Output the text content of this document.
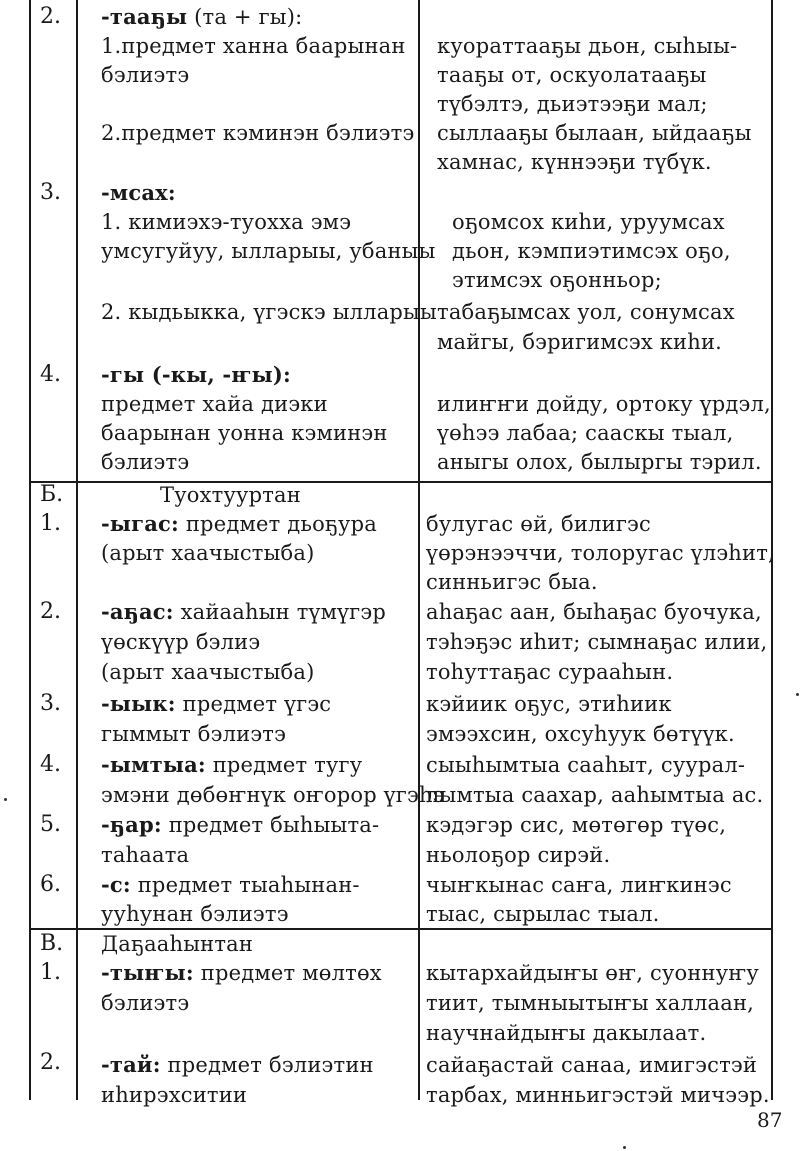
2. -тааҕы (та + гы):
1.предмет ханна баарынан
бэлиэтэ
куораттааҕы дьон, сыһыы-
тааҕы от, оскуолатааҕы
түбэлтэ, дьиэтээҕи мал;
2.предмет кэминэн бэлиэтэ сыллааҕы былаан, ыйдааҕы
хамнас, күннээҕи түбүк.
3. -мсах:
1. кимиэхэ-туохха эмэ
умсугуйуу, ылларыы, убаныы
оҕомсох киһи, уруумсах
дьон, кэмпиэтимсэх оҕо,
этимсэх оҕонньор;
2. кыдьыкка, үгэскэ ылларыы табаҕымсах уол, сонумсах
майгы, бэригимсэх киһи.
4. -гы (-кы, -ҥы):
предмет хайа диэки
баарынан уонна кэминэн
бэлиэтэ
илиҥҥи дойду, ортоку үрдэл,
үөһээ лабаа; сааскы тыал,
аныгы олох, былыргы тэрил.
Б.	Туохтууртан
1. -ыгас: предмет дьоҕура
(арыт хаачыстыба)
булугас өй, билигэс
үөрэнээччи, толоругас үлэһит,
синньигэс быа.
2. -аҕас: хайааһын түмүгэр
үөскүүр бэлиэ
(арыт хаачыстыба)
аһаҕас аан, быһаҕас буочука,
тэһэҕэс иһит; сымнаҕас илии,
тоһуттаҕас сурааһын.
3. -ыык: предмет үгэс
гыммыт бэлиэтэ
кэйиик оҕус, этиһиик
эмээхсин, охсуһуук бөтүүк.
4. -ымтыа: предмет тугу
эмэни дөбөҥнүк оҥорор үгэһэ
сыыһымтыа сааһыт, суурал-
лымтыа саахар, ааһымтыа ас.
5. -ҕар: предмет быһыыта-
таһаата
кэдэгэр сис, мөтөгөр түөс,
ньолоҕор сирэй.
6. -с: предмет тыаһынан-
ууһунан бэлиэтэ
чыҥкынас саҥа, лиҥкинэс
тыас, сырылас тыал.
В. Даҕааһынтан
1. -тыҥы: предмет мөлтөх
бэлиэтэ
кытархайдыҥы өҥ, суоннуҥу
тиит, тымныытыҥы халлаан,
научнайдыҥы дакылаат.
2. -тай: предмет бэлиэтин
иһирэхситии
сайаҕастай санаа, имигэстэй
тарбах, минньигэстэй мичээр.
87
